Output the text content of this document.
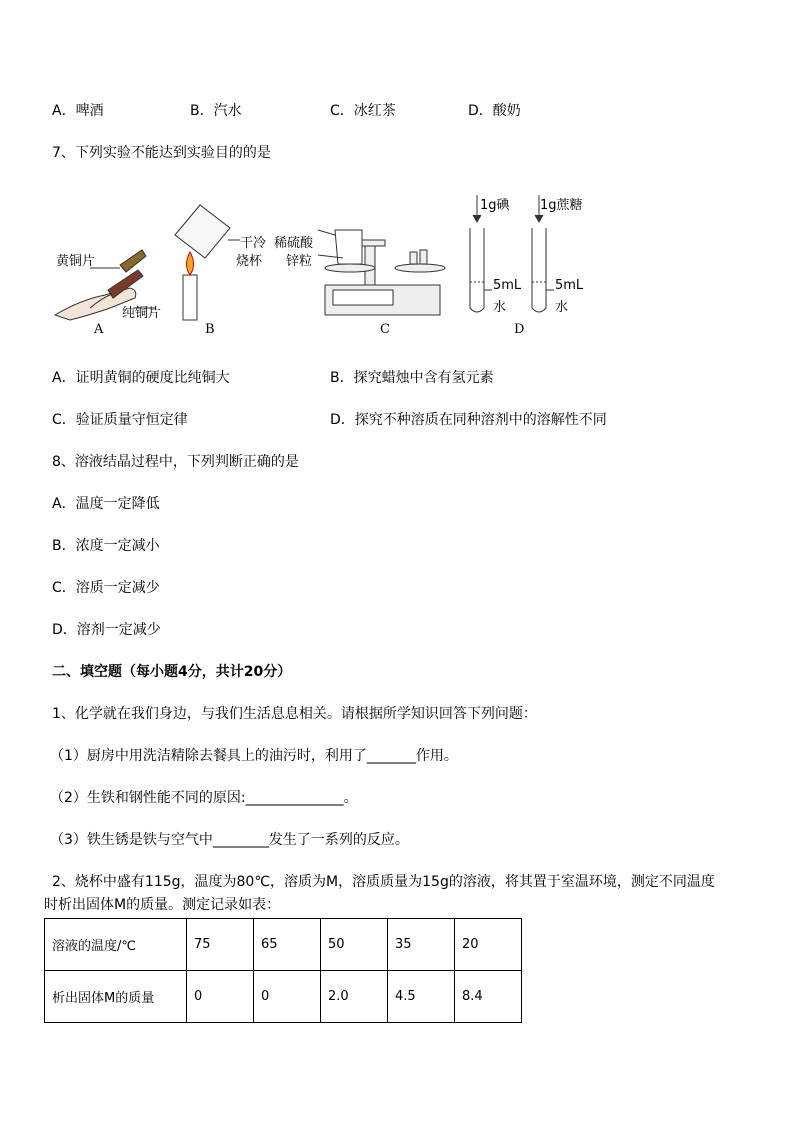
A．啤酒	B．汽水	C．冰红茶	D．酸奶
7、下列实验不能达到实验目的的是
黄铜片
纯铜片
干冷
烧杯
稀硫酸
锌粒
1g碘 1g蔗糖
5mL
水
5mL
水
A	B	C	D
A．证明黄铜的硬度比纯铜大	B．探究蜡烛中含有氢元素
C．验证质量守恒定律	D．探究不种溶质在同种溶剂中的溶解性不同
8、溶液结晶过程中，下列判断正确的是
A．温度一定降低
B．浓度一定减小
C．溶质一定减少
D．溶剂一定减少
二、填空题（每小题4分，共计20分）
1、化学就在我们身边，与我们生活息息相关。请根据所学知识回答下列问题：
（1）厨房中用洗洁精除去餐具上的油污时，利用了_______作用。
（2）生铁和钢性能不同的原因:______________。
（3）铁生锈是铁与空气中________发生了一系列的反应。
2、烧杯中盛有115g，温度为80℃，溶质为M，溶质质量为15g的溶液，将其置于室温环境，测定不同温度
时析出固体M的质量。测定记录如表：
溶液的温度/℃	75	65	50	35	20
析出固体M的质量	0	0	2.0	4.5	8.4
